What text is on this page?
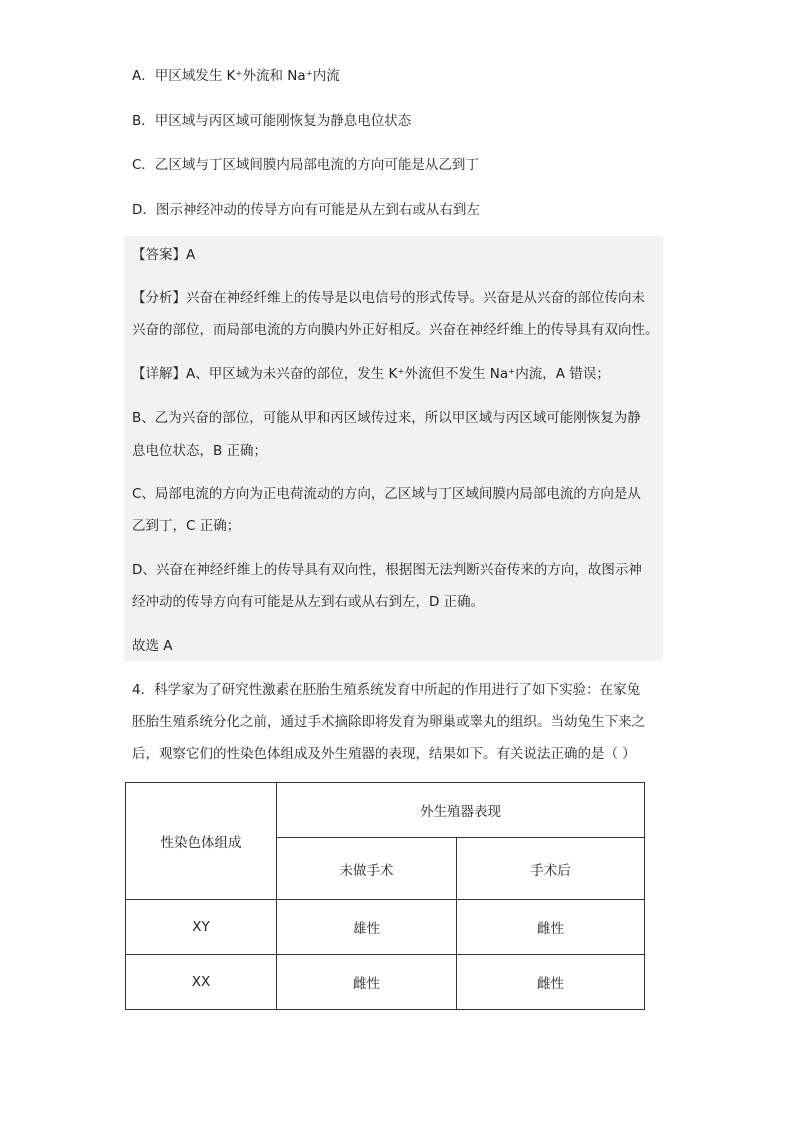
A．甲区域发生 K⁺外流和 Na⁺内流
B．甲区域与丙区域可能刚恢复为静息电位状态
C．乙区域与丁区域间膜内局部电流的方向可能是从乙到丁
D．图示神经冲动的传导方向有可能是从左到右或从右到左
【答案】A
【分析】兴奋在神经纤维上的传导是以电信号的形式传导。兴奋是从兴奋的部位传向未
兴奋的部位，而局部电流的方向膜内外正好相反。兴奋在神经纤维上的传导具有双向性。
【详解】A、甲区域为未兴奋的部位，发生 K⁺外流但不发生 Na⁺内流，A 错误；
B、乙为兴奋的部位，可能从甲和丙区域传过来，所以甲区域与丙区域可能刚恢复为静
息电位状态，B 正确；
C、局部电流的方向为正电荷流动的方向，乙区域与丁区域间膜内局部电流的方向是从
乙到丁，C 正确；
D、兴奋在神经纤维上的传导具有双向性，根据图无法判断兴奋传来的方向，故图示神
经冲动的传导方向有可能是从左到右或从右到左，D 正确。
故选 A
4．科学家为了研究性激素在胚胎生殖系统发育中所起的作用进行了如下实验：在家兔
胚胎生殖系统分化之前，通过手术摘除即将发育为卵巢或睾丸的组织。当幼兔生下来之
后，观察它们的性染色体组成及外生殖器的表现，结果如下。有关说法正确的是（ ）
性染色体组成	外生殖器表现	
	未做手术	手术后
XY	雄性	雌性
XX	雌性	雌性
